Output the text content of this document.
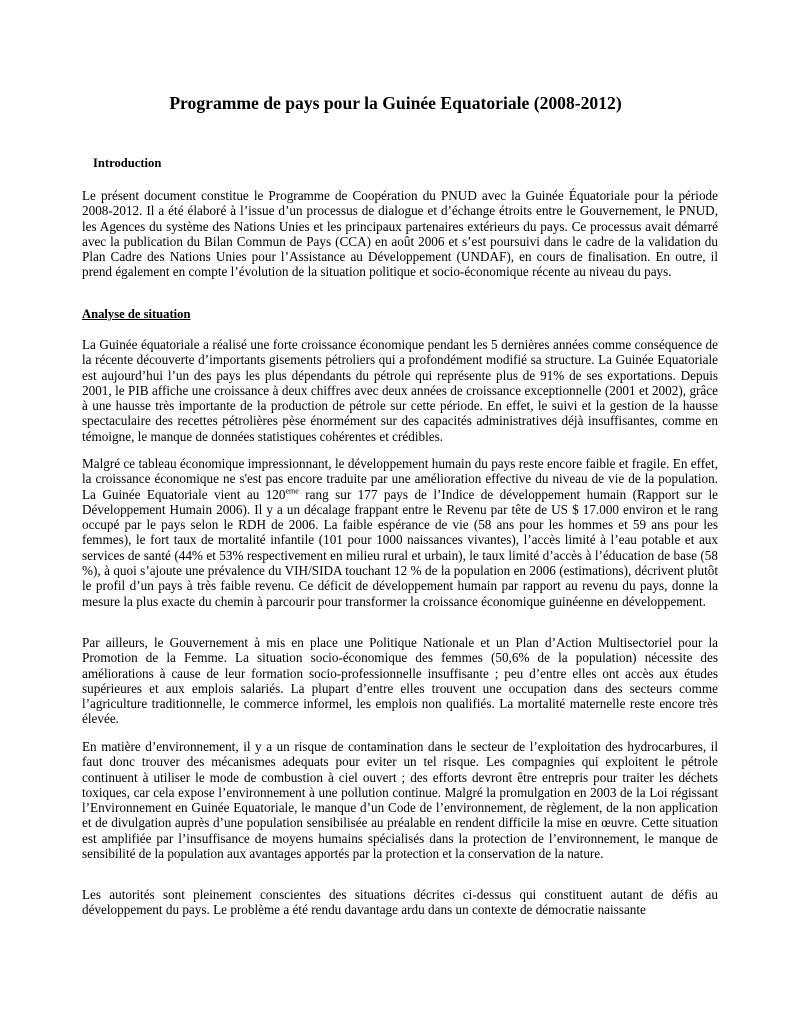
Programme de pays pour la Guinée Equatoriale (2008-2012)
Introduction

Le présent document constitue le Programme de Coopération du PNUD avec la Guinée Équatoriale pour la période 2008-2012. Il a été élaboré à l’issue d’un processus de dialogue et d’échange étroits entre le Gouvernement, le PNUD, les Agences du système des Nations Unies et les principaux partenaires extérieurs du pays. Ce processus avait démarré avec la publication du Bilan Commun de Pays (CCA) en août 2006 et s’est poursuivi dans le cadre de la validation du Plan Cadre des Nations Unies pour l’Assistance au Développement (UNDAF), en cours de finalisation. En outre, il prend également en compte l’évolution de la situation politique et socio-économique récente au niveau du pays.

Analyse de situation

La Guinée équatoriale a réalisé une forte croissance économique pendant les 5 dernières années comme conséquence de la récente découverte d’importants gisements pétroliers qui a profondément modifié sa structure. La Guinée Equatoriale est aujourd’hui l’un des pays les plus dépendants du pétrole qui représente plus de 91% de ses exportations. Depuis 2001, le PIB affiche une croissance à deux chiffres avec deux années de croissance exceptionnelle (2001 et 2002), grâce à une hausse très importante de la production de pétrole sur cette période. En effet, le suivi et la gestion de la hausse spectaculaire des recettes pétrolières pèse énormément sur des capacités administratives déjà insuffisantes, comme en témoigne, le manque de données statistiques cohérentes et crédibles.

Malgré ce tableau économique impressionnant, le développement humain du pays reste encore faible et fragile. En effet, la croissance économique ne s'est pas encore traduite par une amélioration effective du niveau de vie de la population. La Guinée Equatoriale vient au 120eme rang sur 177 pays de l’Indice de développement humain (Rapport sur le Développement Humain 2006). Il y a un décalage frappant entre le Revenu par tête de US $ 17.000 environ et le rang occupé par le pays selon le RDH de 2006. La faible espérance de vie (58 ans pour les hommes et 59 ans pour les femmes), le fort taux de mortalité infantile (101 pour 1000 naissances vivantes), l’accès limité à l’eau potable et aux services de santé (44% et 53% respectivement en milieu rural et urbain), le taux limité d’accès à l’éducation de base (58 %), à quoi s’ajoute une prévalence du VIH/SIDA touchant 12 % de la population en 2006 (estimations), décrivent plutôt le profil d’un pays à très faible revenu. Ce déficit de développement humain par rapport au revenu du pays, donne la mesure la plus exacte du chemin à parcourir pour transformer la croissance économique guinéenne en développement.

Par ailleurs, le Gouvernement à mis en place une Politique Nationale et un Plan d’Action Multisectoriel pour la Promotion de la Femme. La situation socio-économique des femmes (50,6% de la population) nécessite des améliorations à cause de leur formation socio-professionnelle insuffisante ; peu d’entre elles ont accès aux études supérieures et aux emplois salariés. La plupart d’entre elles trouvent une occupation dans des secteurs comme l’agriculture traditionnelle, le commerce informel, les emplois non qualifiés. La mortalité maternelle reste encore très élevée.

En matière d’environnement, il y a un risque de contamination dans le secteur de l’exploitation des hydrocarbures, il faut donc trouver des mécanismes adequats pour eviter un tel risque. Les compagnies qui exploitent le pétrole continuent à utiliser le mode de combustion à ciel ouvert ; des efforts devront être entrepris pour traiter les déchets toxiques, car cela expose l’environnement à une pollution continue. Malgré la promulgation en 2003 de la Loi régissant l’Environnement en Guinée Equatoriale, le manque d’un Code de l’environnement, de règlement, de la non application et de divulgation auprès d’une population sensibilisée au préalable en rendent difficile la mise en œuvre. Cette situation est amplifiée par l’insuffisance de moyens humains spécialisés dans la protection de l’environnement, le manque de sensibilité de la population aux avantages apportés par la protection et la conservation de la nature.

Les autorités sont pleinement conscientes des situations décrites ci-dessus qui constituent autant de défis au développement du pays. Le problème a été rendu davantage ardu dans un contexte de démocratie naissante
